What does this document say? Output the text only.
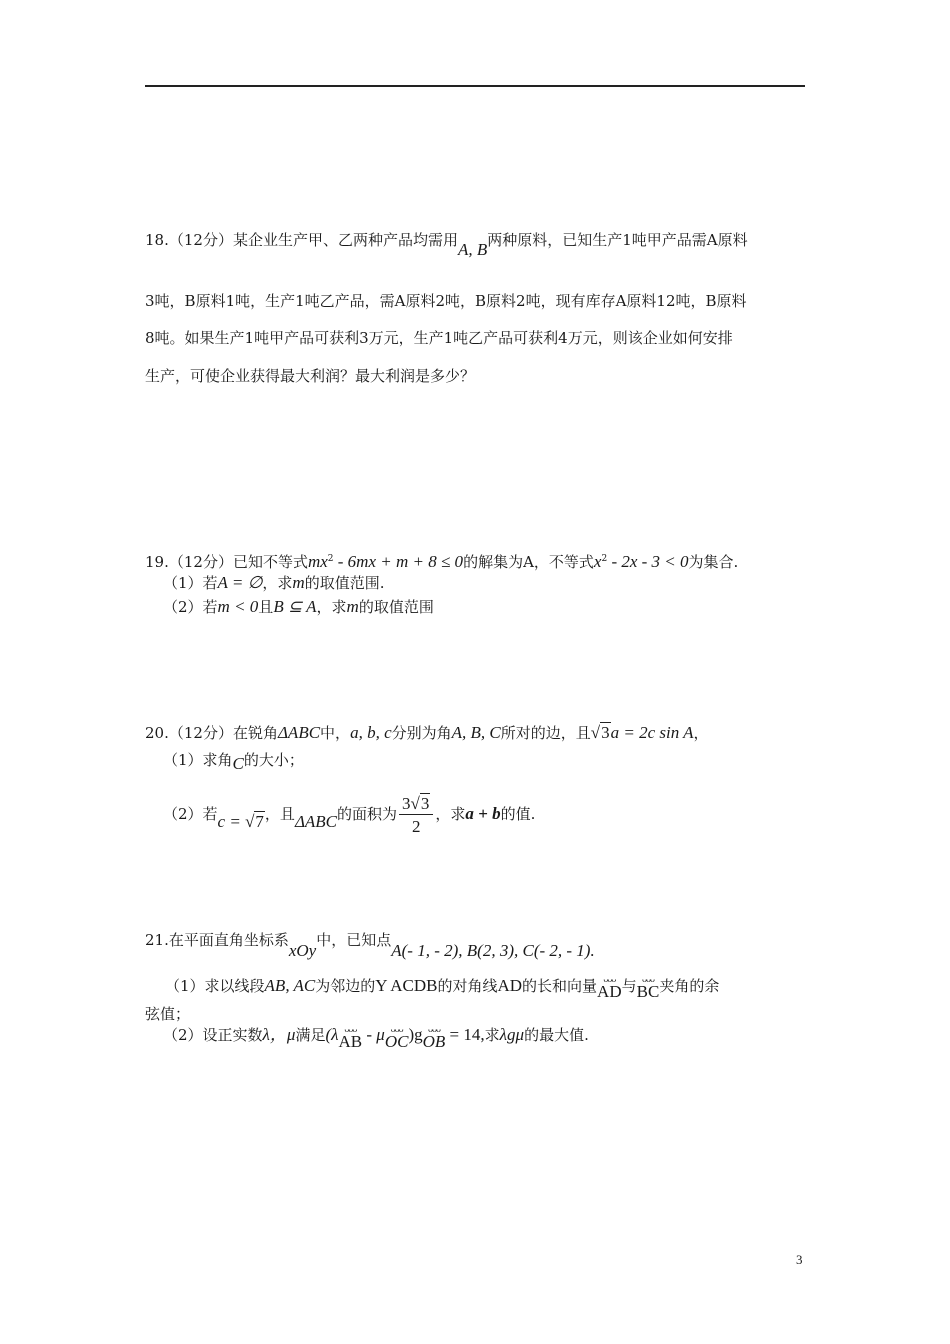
18.（12分）某企业生产甲、乙两种产品均需用A, B两种原料，已知生产1吨甲产品需A原料
3吨，B原料1吨，生产1吨乙产品，需A原料2吨，B原料2吨，现有库存A原料12吨，B原料
8吨。如果生产1吨甲产品可获利3万元，生产1吨乙产品可获利4万元，则该企业如何安排
生产，可使企业获得最大利润？最大利润是多少？
19.（12分）已知不等式$mx^2 - 6mx + m + 8 \le 0$的解集为A，不等式$x^2 - 2x - 3 < 0$为集合.
（1）若A = ∅，求m的取值范围.
（2）若m < 0且B ⊆ A，求m的取值范围
20.（12分）在锐角ΔABC中，a, b, c分别为角A, B, C所对的边，且√3a = 2c sin A，
（1）求角C的大小；
（2）若c = √7，且ΔABC的面积为 $\frac{3√3}{2}$ ，求a + b的值.
21.在平面直角坐标系xOy中，已知点A(- 1, - 2), B(2, 3), C(- 2, - 1).
（1）求以线段AB, AC为邻边的Y ACDB的对角线AD的长和向量 ᴗᴗᴗ
AD与 ᴗᴗᴗ
BC夹角的余
弦值；
（2）设正实数λ，μ满足(λ ᴗᴗᴗ
AB - μ ᴗᴗᴗ
OC)g ᴗᴗᴗ
OB = 14,求λgμ的最大值.
3
